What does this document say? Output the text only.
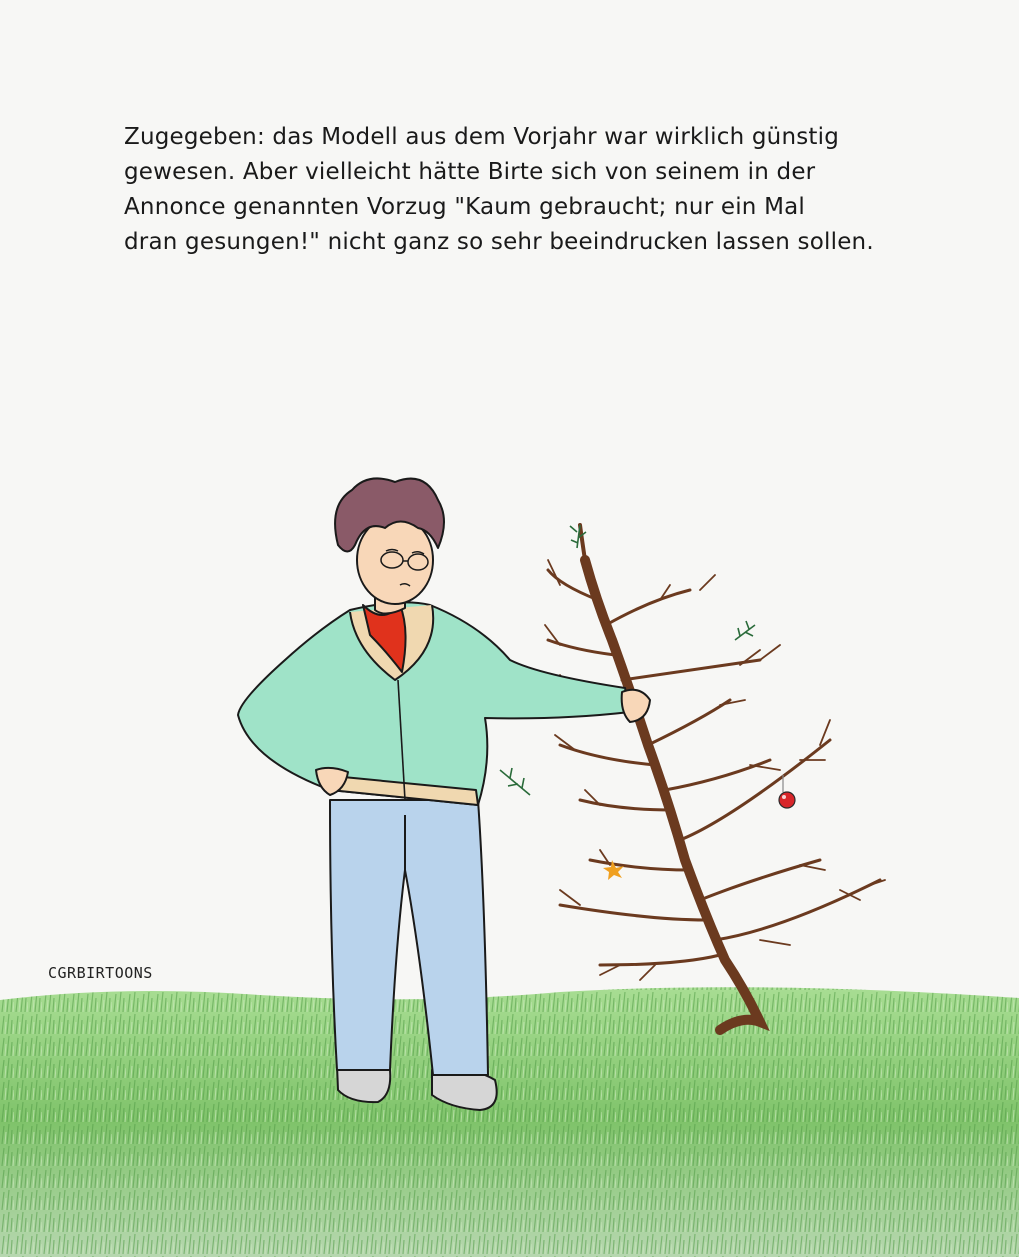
Zugegeben: das Modell aus dem Vorjahr war wirklich günstig
gewesen. Aber vielleicht hätte Birte sich von seinem in der
Annonce genannten Vorzug "Kaum gebraucht; nur ein Mal
dran gesungen!" nicht ganz so sehr beeindrucken lassen sollen.
CGRBIRTOONS
